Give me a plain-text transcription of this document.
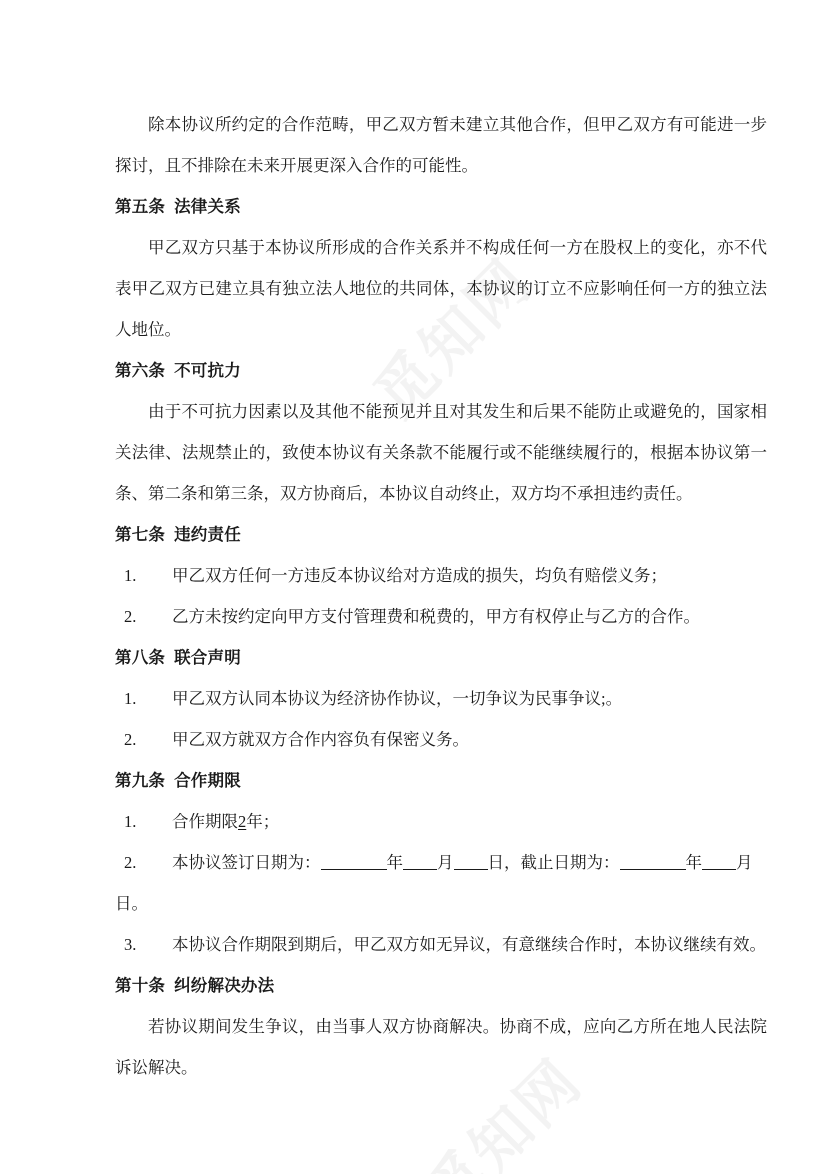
除本协议所约定的合作范畴，甲乙双方暂未建立其他合作，但甲乙双方有可能进一步探讨，且不排除在未来开展更深入合作的可能性。

第五条 法律关系

甲乙双方只基于本协议所形成的合作关系并不构成任何一方在股权上的变化，亦不代表甲乙双方已建立具有独立法人地位的共同体，本协议的订立不应影响任何一方的独立法人地位。

第六条 不可抗力

由于不可抗力因素以及其他不能预见并且对其发生和后果不能防止或避免的，国家相关法律、法规禁止的，致使本协议有关条款不能履行或不能继续履行的，根据本协议第一条、第二条和第三条，双方协商后，本协议自动终止，双方均不承担违约责任。

第七条 违约责任

1. 甲乙双方任何一方违反本协议给对方造成的损失，均负有赔偿义务；

2. 乙方未按约定向甲方支付管理费和税费的，甲方有权停止与乙方的合作。

第八条 联合声明

1. 甲乙双方认同本协议为经济协作协议，一切争议为民事争议;。

2. 甲乙双方就双方合作内容负有保密义务。

第九条 合作期限

1. 合作期限2年；

2. 本协议签订日期为：	年 月 日，截止日期为：	年 月

日。

3. 本协议合作期限到期后，甲乙双方如无异议，有意继续合作时，本协议继续有效。

第十条 纠纷解决办法

若协议期间发生争议，由当事人双方协商解决。协商不成，应向乙方所在地人民法院诉讼解决。
